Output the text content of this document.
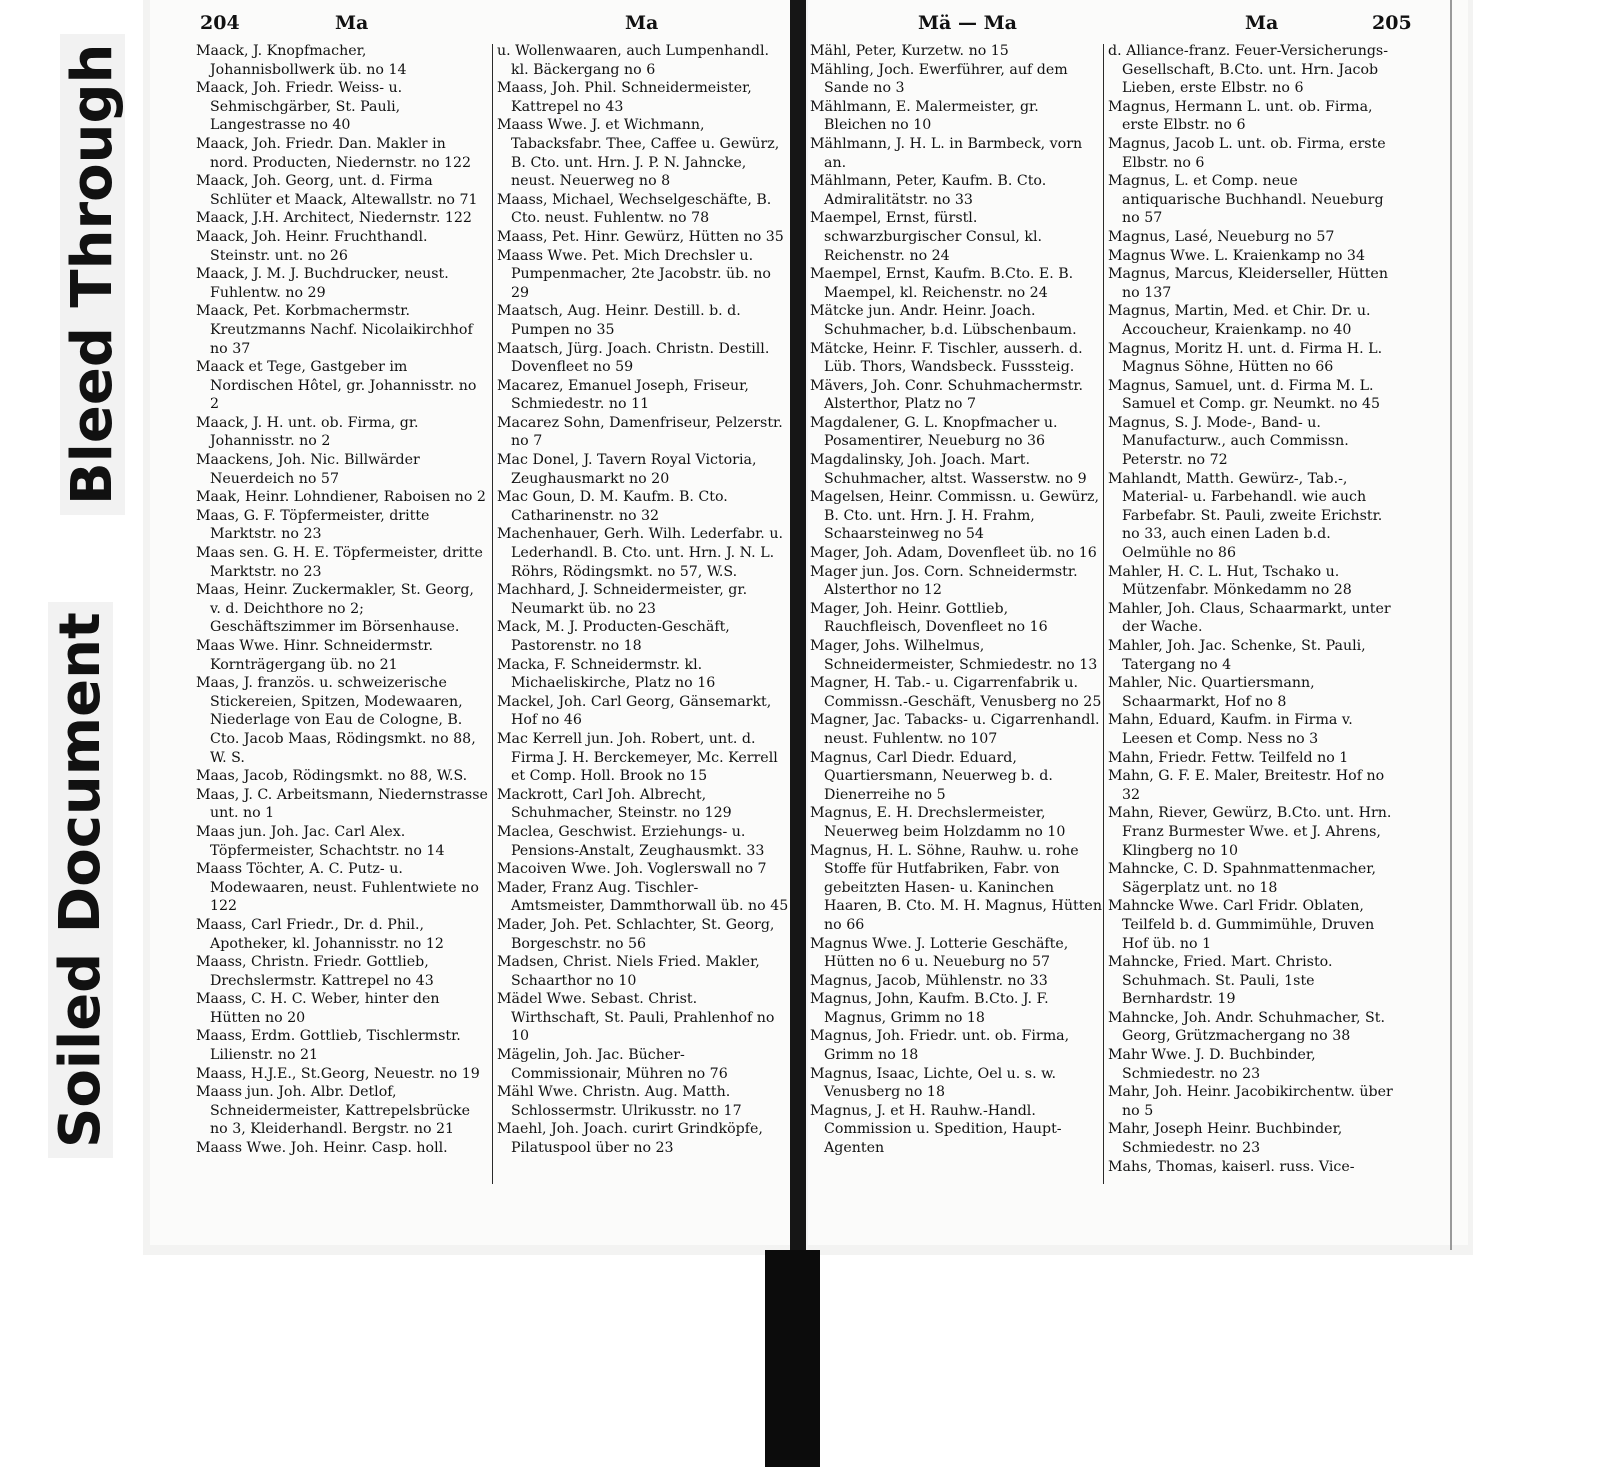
Bleed Through
Soiled Document
204	Ma	Ma	Mä — Ma	Ma	205
Maack, J. Knopfmacher, Johannisbollwerk üb. no 14
Maack, Joh. Friedr. Weiss- u. Sehmischgärber, St. Pauli, Langestrasse no 40
Maack, Joh. Friedr. Dan. Makler in nord. Producten, Niedernstr. no 122
Maack, Joh. Georg, unt. d. Firma Schlüter et Maack, Altewallstr. no 71
Maack, J.H. Architect, Niedernstr. 122
Maack, Joh. Heinr. Fruchthandl. Steinstr. unt. no 26
Maack, J. M. J. Buchdrucker, neust. Fuhlentw. no 29
Maack, Pet. Korbmachermstr. Kreutzmanns Nachf. Nicolaikirchhof no 37
Maack et Tege, Gastgeber im Nordischen Hôtel, gr. Johannisstr. no 2
Maack, J. H. unt. ob. Firma, gr. Johannisstr. no 2
Maackens, Joh. Nic. Billwärder Neuerdeich no 57
Maak, Heinr. Lohndiener, Raboisen no 2
Maas, G. F. Töpfermeister, dritte Marktstr. no 23
Maas sen. G. H. E. Töpfermeister, dritte Marktstr. no 23
Maas, Heinr. Zuckermakler, St. Georg, v. d. Deichthore no 2; Geschäftszimmer im Börsenhause.
Maas Wwe. Hinr. Schneidermstr. Kornträgergang üb. no 21
Maas, J. französ. u. schweizerische Stickereien, Spitzen, Modewaaren, Niederlage von Eau de Cologne, B. Cto. Jacob Maas, Rödingsmkt. no 88, W. S.
Maas, Jacob, Rödingsmkt. no 88, W.S.
Maas, J. C. Arbeitsmann, Niedernstrasse unt. no 1
Maas jun. Joh. Jac. Carl Alex. Töpfermeister, Schachtstr. no 14
Maass Töchter, A. C. Putz- u. Modewaaren, neust. Fuhlentwiete no 122
Maass, Carl Friedr., Dr. d. Phil., Apotheker, kl. Johannisstr. no 12
Maass, Christn. Friedr. Gottlieb, Drechslermstr. Kattrepel no 43
Maass, C. H. C. Weber, hinter den Hütten no 20
Maass, Erdm. Gottlieb, Tischlermstr. Lilienstr. no 21
Maass, H.J.E., St.Georg, Neuestr. no 19
Maass jun. Joh. Albr. Detlof, Schneidermeister, Kattrepelsbrücke no 3, Kleiderhandl. Bergstr. no 21
Maass Wwe. Joh. Heinr. Casp. holl.
u. Wollenwaaren, auch Lumpenhandl. kl. Bäckergang no 6
Maass, Joh. Phil. Schneidermeister, Kattrepel no 43
Maass Wwe. J. et Wichmann, Tabacksfabr. Thee, Caffee u. Gewürz, B. Cto. unt. Hrn. J. P. N. Jahncke, neust. Neuerweg no 8
Maass, Michael, Wechselgeschäfte, B. Cto. neust. Fuhlentw. no 78
Maass, Pet. Hinr. Gewürz, Hütten no 35
Maass Wwe. Pet. Mich Drechsler u. Pumpenmacher, 2te Jacobstr. üb. no 29
Maatsch, Aug. Heinr. Destill. b. d. Pumpen no 35
Maatsch, Jürg. Joach. Christn. Destill. Dovenfleet no 59
Macarez, Emanuel Joseph, Friseur, Schmiedestr. no 11
Macarez Sohn, Damenfriseur, Pelzerstr. no 7
Mac Donel, J. Tavern Royal Victoria, Zeughausmarkt no 20
Mac Goun, D. M. Kaufm. B. Cto. Catharinenstr. no 32
Machenhauer, Gerh. Wilh. Lederfabr. u. Lederhandl. B. Cto. unt. Hrn. J. N. L. Röhrs, Rödingsmkt. no 57, W.S.
Machhard, J. Schneidermeister, gr. Neumarkt üb. no 23
Mack, M. J. Producten-Geschäft, Pastorenstr. no 18
Macka, F. Schneidermstr. kl. Michaeliskirche, Platz no 16
Mackel, Joh. Carl Georg, Gänsemarkt, Hof no 46
Mac Kerrell jun. Joh. Robert, unt. d. Firma J. H. Berckemeyer, Mc. Kerrell et Comp. Holl. Brook no 15
Mackrott, Carl Joh. Albrecht, Schuhmacher, Steinstr. no 129
Maclea, Geschwist. Erziehungs- u. Pensions-Anstalt, Zeughausmkt. 33
Macoiven Wwe. Joh. Voglerswall no 7
Mader, Franz Aug. Tischler-Amtsmeister, Dammthorwall üb. no 45
Mader, Joh. Pet. Schlachter, St. Georg, Borgeschstr. no 56
Madsen, Christ. Niels Fried. Makler, Schaarthor no 10
Mädel Wwe. Sebast. Christ. Wirthschaft, St. Pauli, Prahlenhof no 10
Mägelin, Joh. Jac. Bücher-Commissionair, Mühren no 76
Mähl Wwe. Christn. Aug. Matth. Schlossermstr. Ulrikusstr. no 17
Maehl, Joh. Joach. curirt Grindköpfe, Pilatuspool über no 23
Mähl, Peter, Kurzetw. no 15
Mähling, Joch. Ewerführer, auf dem Sande no 3
Mählmann, E. Malermeister, gr. Bleichen no 10
Mählmann, J. H. L. in Barmbeck, vorn an.
Mählmann, Peter, Kaufm. B. Cto. Admiralitätstr. no 33
Maempel, Ernst, fürstl. schwarzburgischer Consul, kl. Reichenstr. no 24
Maempel, Ernst, Kaufm. B.Cto. E. B. Maempel, kl. Reichenstr. no 24
Mätcke jun. Andr. Heinr. Joach. Schuhmacher, b.d. Lübschenbaum.
Mätcke, Heinr. F. Tischler, ausserh. d. Lüb. Thors, Wandsbeck. Fusssteig.
Mävers, Joh. Conr. Schuhmachermstr. Alsterthor, Platz no 7
Magdalener, G. L. Knopfmacher u. Posamentirer, Neueburg no 36
Magdalinsky, Joh. Joach. Mart. Schuhmacher, altst. Wasserstw. no 9
Magelsen, Heinr. Commissn. u. Gewürz, B. Cto. unt. Hrn. J. H. Frahm, Schaarsteinweg no 54
Mager, Joh. Adam, Dovenfleet üb. no 16
Mager jun. Jos. Corn. Schneidermstr. Alsterthor no 12
Mager, Joh. Heinr. Gottlieb, Rauchfleisch, Dovenfleet no 16
Mager, Johs. Wilhelmus, Schneidermeister, Schmiedestr. no 13
Magner, H. Tab.- u. Cigarrenfabrik u. Commissn.-Geschäft, Venusberg no 25
Magner, Jac. Tabacks- u. Cigarrenhandl. neust. Fuhlentw. no 107
Magnus, Carl Diedr. Eduard, Quartiersmann, Neuerweg b. d. Dienerreihe no 5
Magnus, E. H. Drechslermeister, Neuerweg beim Holzdamm no 10
Magnus, H. L. Söhne, Rauhw. u. rohe Stoffe für Hutfabriken, Fabr. von gebeitzten Hasen- u. Kaninchen Haaren, B. Cto. M. H. Magnus, Hütten no 66
Magnus Wwe. J. Lotterie Geschäfte, Hütten no 6 u. Neueburg no 57
Magnus, Jacob, Mühlenstr. no 33
Magnus, John, Kaufm. B.Cto. J. F. Magnus, Grimm no 18
Magnus, Joh. Friedr. unt. ob. Firma, Grimm no 18
Magnus, Isaac, Lichte, Oel u. s. w. Venusberg no 18
Magnus, J. et H. Rauhw.-Handl. Commission u. Spedition, Haupt-Agenten
d. Alliance-franz. Feuer-Versicherungs-Gesellschaft, B.Cto. unt. Hrn. Jacob Lieben, erste Elbstr. no 6
Magnus, Hermann L. unt. ob. Firma, erste Elbstr. no 6
Magnus, Jacob L. unt. ob. Firma, erste Elbstr. no 6
Magnus, L. et Comp. neue antiquarische Buchhandl. Neueburg no 57
Magnus, Lasé, Neueburg no 57
Magnus Wwe. L. Kraienkamp no 34
Magnus, Marcus, Kleiderseller, Hütten no 137
Magnus, Martin, Med. et Chir. Dr. u. Accoucheur, Kraienkamp. no 40
Magnus, Moritz H. unt. d. Firma H. L. Magnus Söhne, Hütten no 66
Magnus, Samuel, unt. d. Firma M. L. Samuel et Comp. gr. Neumkt. no 45
Magnus, S. J. Mode-, Band- u. Manufacturw., auch Commissn. Peterstr. no 72
Mahlandt, Matth. Gewürz-, Tab.-, Material- u. Farbehandl. wie auch Farbefabr. St. Pauli, zweite Erichstr. no 33, auch einen Laden b.d. Oelmühle no 86
Mahler, H. C. L. Hut, Tschako u. Mützenfabr. Mönkedamm no 28
Mahler, Joh. Claus, Schaarmarkt, unter der Wache.
Mahler, Joh. Jac. Schenke, St. Pauli, Tatergang no 4
Mahler, Nic. Quartiersmann, Schaarmarkt, Hof no 8
Mahn, Eduard, Kaufm. in Firma v. Leesen et Comp. Ness no 3
Mahn, Friedr. Fettw. Teilfeld no 1
Mahn, G. F. E. Maler, Breitestr. Hof no 32
Mahn, Riever, Gewürz, B.Cto. unt. Hrn. Franz Burmester Wwe. et J. Ahrens, Klingberg no 10
Mahncke, C. D. Spahnmattenmacher, Sägerplatz unt. no 18
Mahncke Wwe. Carl Fridr. Oblaten, Teilfeld b. d. Gummimühle, Druven Hof üb. no 1
Mahncke, Fried. Mart. Christo. Schuhmach. St. Pauli, 1ste Bernhardstr. 19
Mahncke, Joh. Andr. Schuhmacher, St. Georg, Grützmachergang no 38
Mahr Wwe. J. D. Buchbinder, Schmiedestr. no 23
Mahr, Joh. Heinr. Jacobikirchentw. über no 5
Mahr, Joseph Heinr. Buchbinder, Schmiedestr. no 23
Mahs, Thomas, kaiserl. russ. Vice-
